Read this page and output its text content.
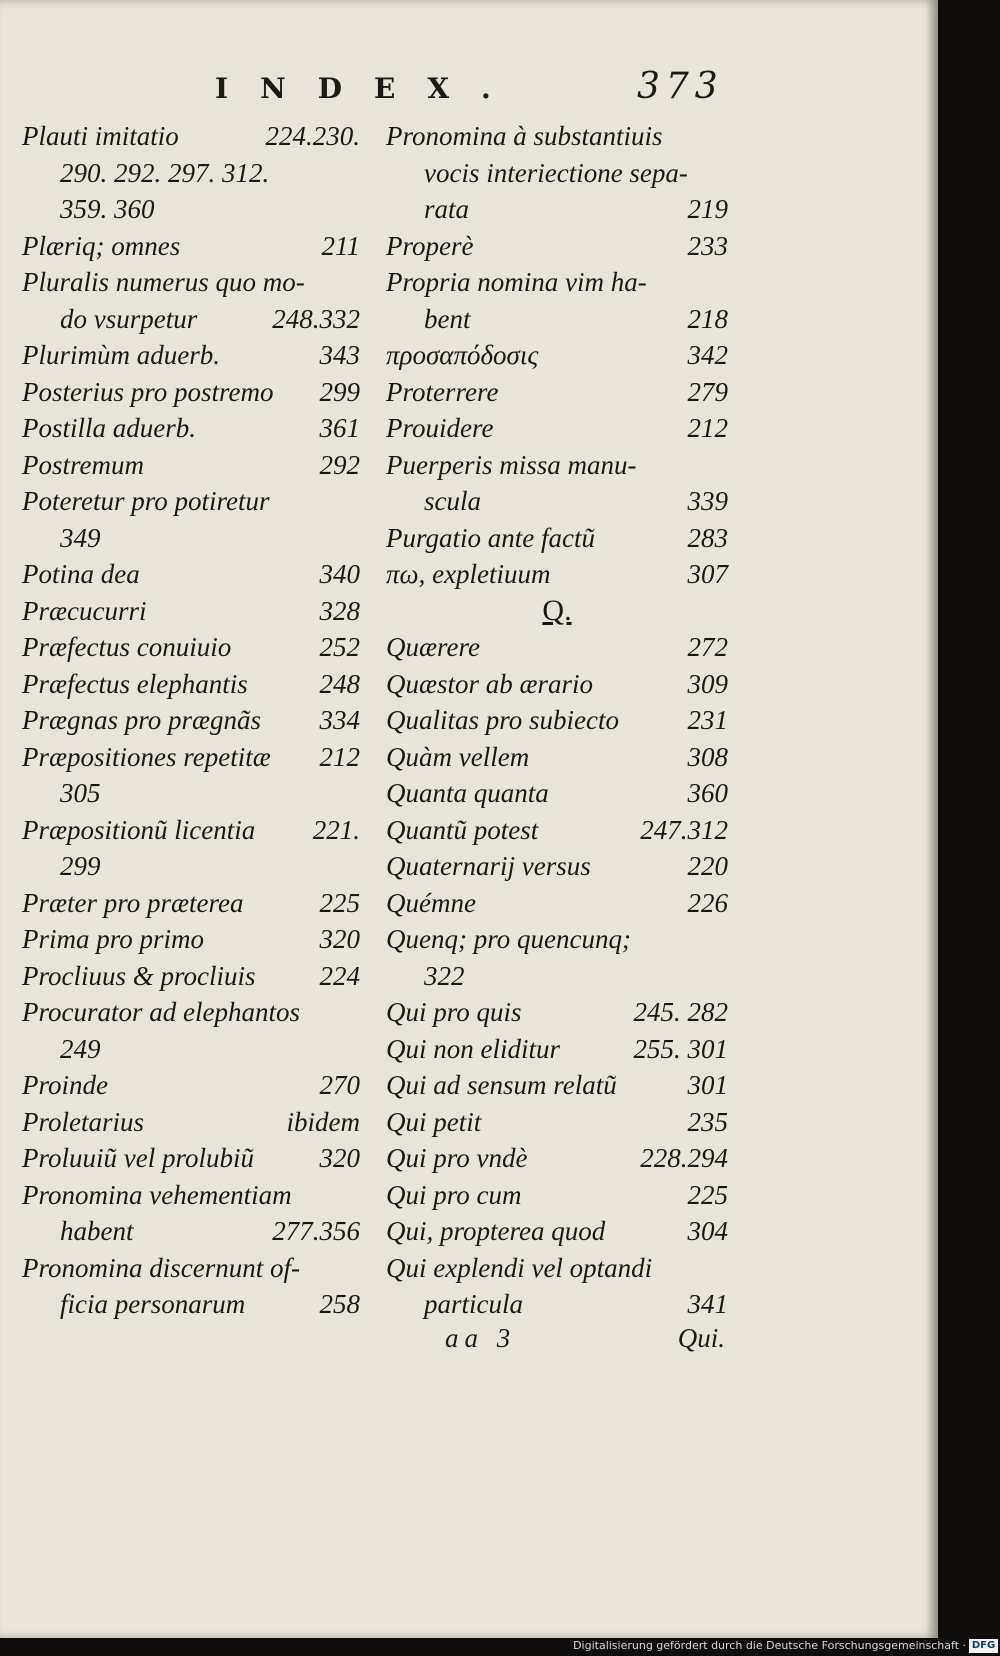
INDEX.	373
Plauti imitatio	224.230.
290. 292. 297. 312.
359. 360
Plæriq; omnes	211
Pluralis numerus quo mo-
do vsurpetur	248.332
Plurimùm aduerb.	343
Posterius pro postremo	299
Postilla aduerb.	361
Postremum	292
Poteretur pro potiretur
349
Potina dea	340
Præcucurri	328
Præfectus conuiuio	252
Præfectus elephantis	248
Prægnas pro prægnãs	334
Præpositiones repetitæ	212
305
Præpositionũ licentia	221.
299
Præter pro præterea	225
Prima pro primo	320
Procliuus & procliuis	224
Procurator ad elephantos
249
Proinde	270
Proletarius	ibidem
Proluuiũ vel prolubiũ	320
Pronomina vehementiam
habent	277.356
Pronomina discernunt of-
ficia personarum	258
Pronomina à substantiuis
vocis interiectione sepa-
rata	219
Properè	233
Propria nomina vim ha-
bent	218
πρoσαπόδοσις	342
Proterrere	279
Prouidere	212
Puerperis missa manu-
scula	339
Purgatio ante factũ	283
πω, expletiuum	307
Q.
Quærere	272
Quæstor ab ærario	309
Qualitas pro subiecto	231
Quàm vellem	308
Quanta quanta	360
Quantũ potest	247.312
Quaternarij versus	220
Quémne	226
Quenq; pro quencunq;
322
Qui pro quis	245. 282
Qui non eliditur	255. 301
Qui ad sensum relatũ	301
Qui petit	235
Qui pro vndè	228.294
Qui pro cum	225
Qui, propterea quod	304
Qui explendi vel optandi
particula	341
aa 3	Qui.
Digitalisierung gefördert durch die Deutsche Forschungsgemeinschaft · DFG
